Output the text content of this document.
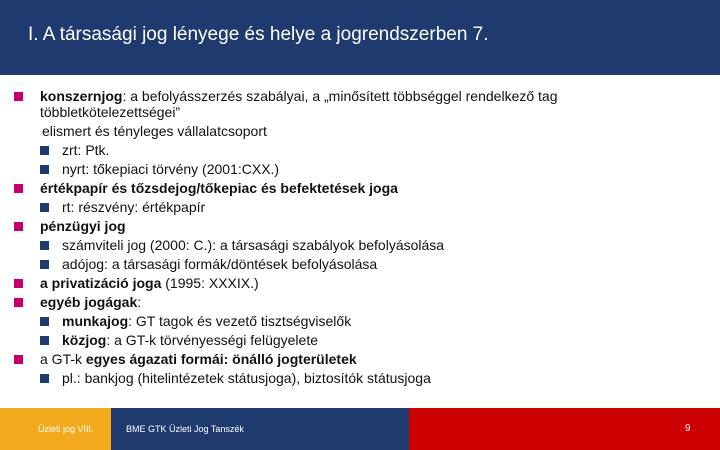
I. A társasági jog lényege és helye a jogrendszerben 7.
konszernjog: a befolyásszerzés szabályai, a „minősített többséggel rendelkező tag
többletkötelezettségei”
elismert és tényleges vállalatcsoport
zrt: Ptk.
nyrt: tőkepiaci törvény (2001:CXX.)
értékpapír és tőzsdejog/tőkepiac és befektetések joga
rt: részvény: értékpapír
pénzügyi jog
számviteli jog (2000: C.): a társasági szabályok befolyásolása
adójog: a társasági formák/döntések befolyásolása
a privatizáció joga (1995: XXXIX.)
egyéb jogágak:
munkajog: GT tagok és vezető tisztségviselők
közjog: a GT-k törvényességi felügyelete
a GT-k egyes ágazati formái: önálló jogterületek
pl.: bankjog (hitelintézetek státusjoga), biztosítók státusjoga
Üzleti jog VIII.	BME GTK Üzleti Jog Tanszék	9
